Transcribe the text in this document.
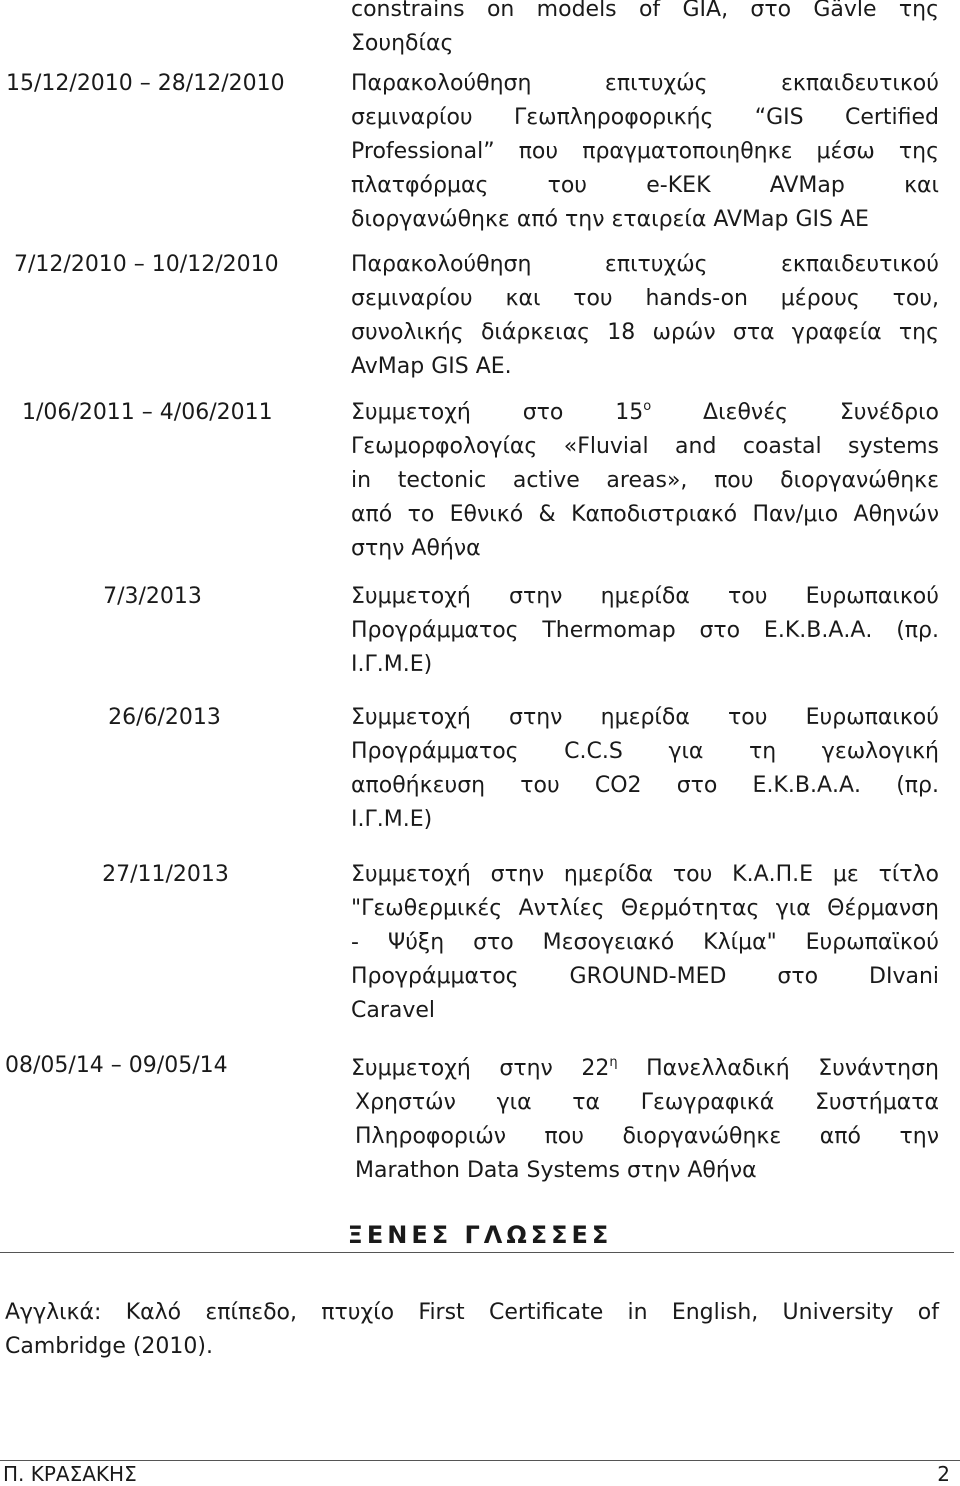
constrains on models of GIA, στο Gävle της
Σουηδίας
15/12/2010 – 28/12/2010	Παρακολούθηση επιτυχώς εκπαιδευτικού
σεμιναρίου Γεωπληροφορικής “GIS Certified
Professional” που πραγματοποιηθηκε μέσω της
πλατφόρμας του e-KEK AVMap και
διοργανώθηκε από την εταιρεία AVMap GIS AE
7/12/2010 – 10/12/2010	Παρακολούθηση επιτυχώς εκπαιδευτικού
σεμιναρίου και του hands-on μέρους του,
συνολικής διάρκειας 18 ωρών στα γραφεία της
AvMap GIS AE.
1/06/2011 – 4/06/2011	Συμμετοχή στο $15^o$ Διεθνές Συνέδριο
Γεωμορφολογίας «Fluvial and coastal systems
in tectonic active areas», που διοργανώθηκε
από το Εθνικό & Καποδιστριακό Παν/μιο Αθηνών
στην Αθήνα
7/3/2013	Συμμετοχή στην ημερίδα του Ευρωπαικού
Προγράμματος Thermomap στο Ε.Κ.Β.Α.Α. (πρ.
Ι.Γ.Μ.Ε)
26/6/2013	Συμμετοχή στην ημερίδα του Ευρωπαικού
Προγράμματος C.C.S για τη γεωλογική
αποθήκευση του CO2 στο Ε.Κ.Β.Α.Α. (πρ.
Ι.Γ.Μ.Ε)
27/11/2013	Συμμετοχή στην ημερίδα του Κ.Α.Π.Ε με τίτλο
"Γεωθερμικές Αντλίες Θερμότητας για Θέρμανση
- Ψύξη στο Μεσογειακό Κλίμα" Ευρωπαϊκού
Προγράμματος GROUND-MED στο DIvani
Caravel
08/05/14 – 09/05/14	Συμμετοχή στην $22^\eta$ Πανελλαδική Συνάντηση
Χρηστών για τα Γεωγραφικά Συστήματα
Πληροφοριών που διοργανώθηκε από την
Marathon Data Systems στην Αθήνα
ΞΕΝΕΣ ΓΛΩΣΣΕΣ
Αγγλικά: Καλό επίπεδο, πτυχίο First Certificate in English, University of
Cambridge (2010).
Π. ΚΡΑΣΑΚΗΣ	2
